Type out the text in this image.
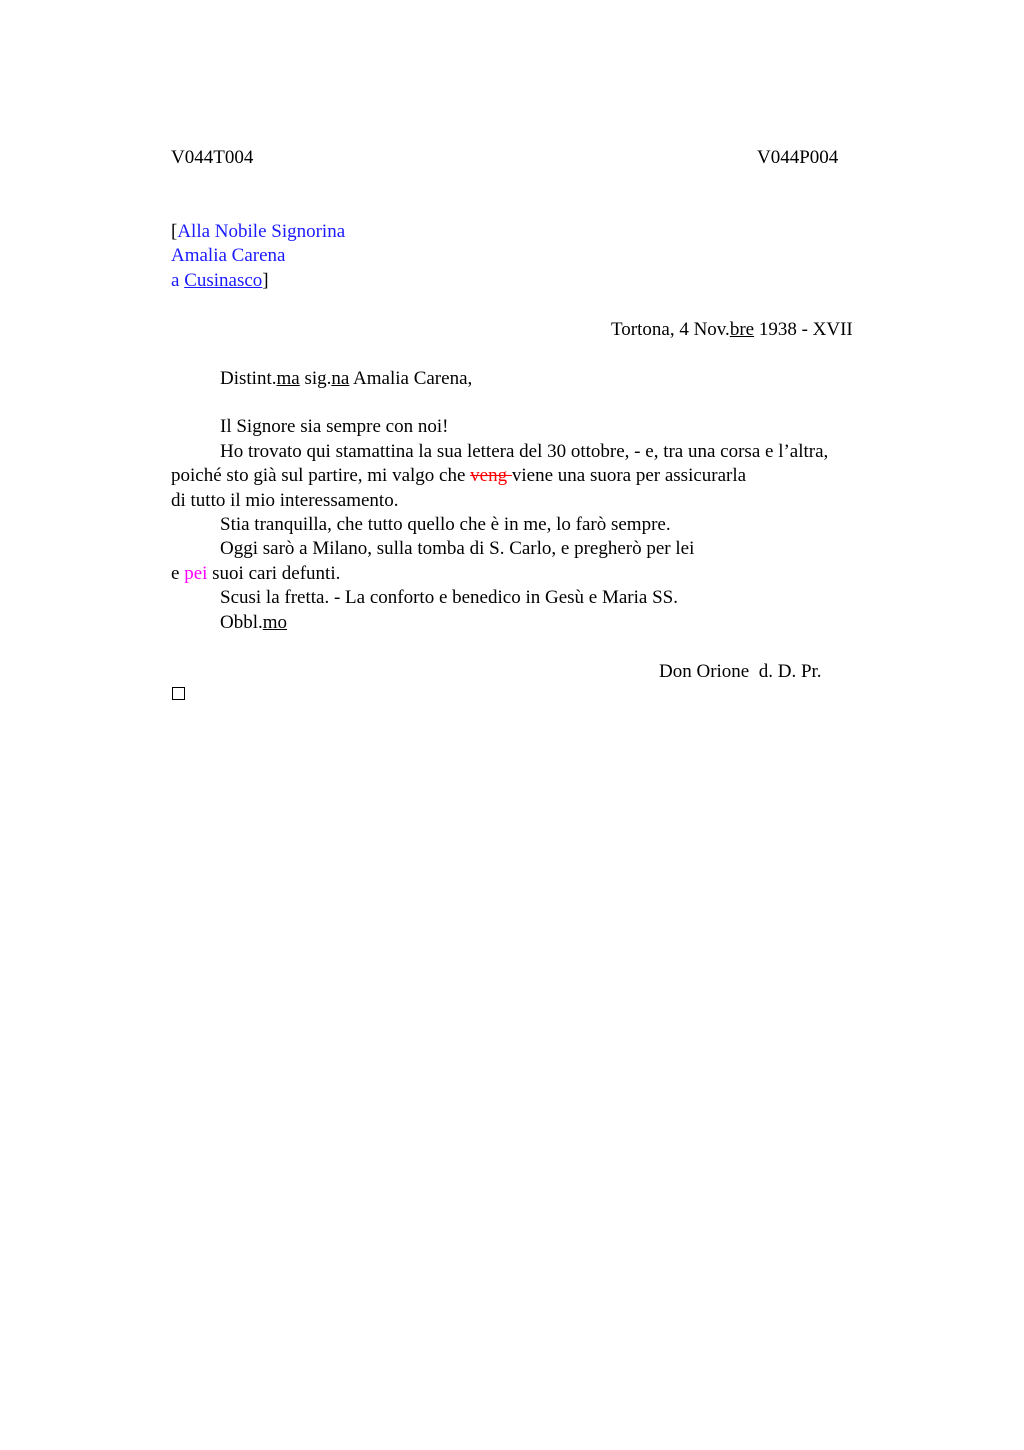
V044T004	V044P004
[Alla Nobile Signorina
Amalia Carena
a Cusinasco]
Tortona, 4 Nov.bre 1938 - XVII
Distint.ma sig.na Amalia Carena,
Il Signore sia sempre con noi!
Ho trovato qui stamattina la sua lettera del 30 ottobre, - e, tra una corsa e l’altra,
poiché sto già sul partire, mi valgo che veng viene una suora per assicurarla
di tutto il mio interessamento.
Stia tranquilla, che tutto quello che è in me, lo farò sempre.
Oggi sarò a Milano, sulla tomba di S. Carlo, e pregherò per lei
e pei suoi cari defunti.
Scusi la fretta. - La conforto e benedico in Gesù e Maria SS.
Obbl.mo
Don Orione  d. D. Pr.
